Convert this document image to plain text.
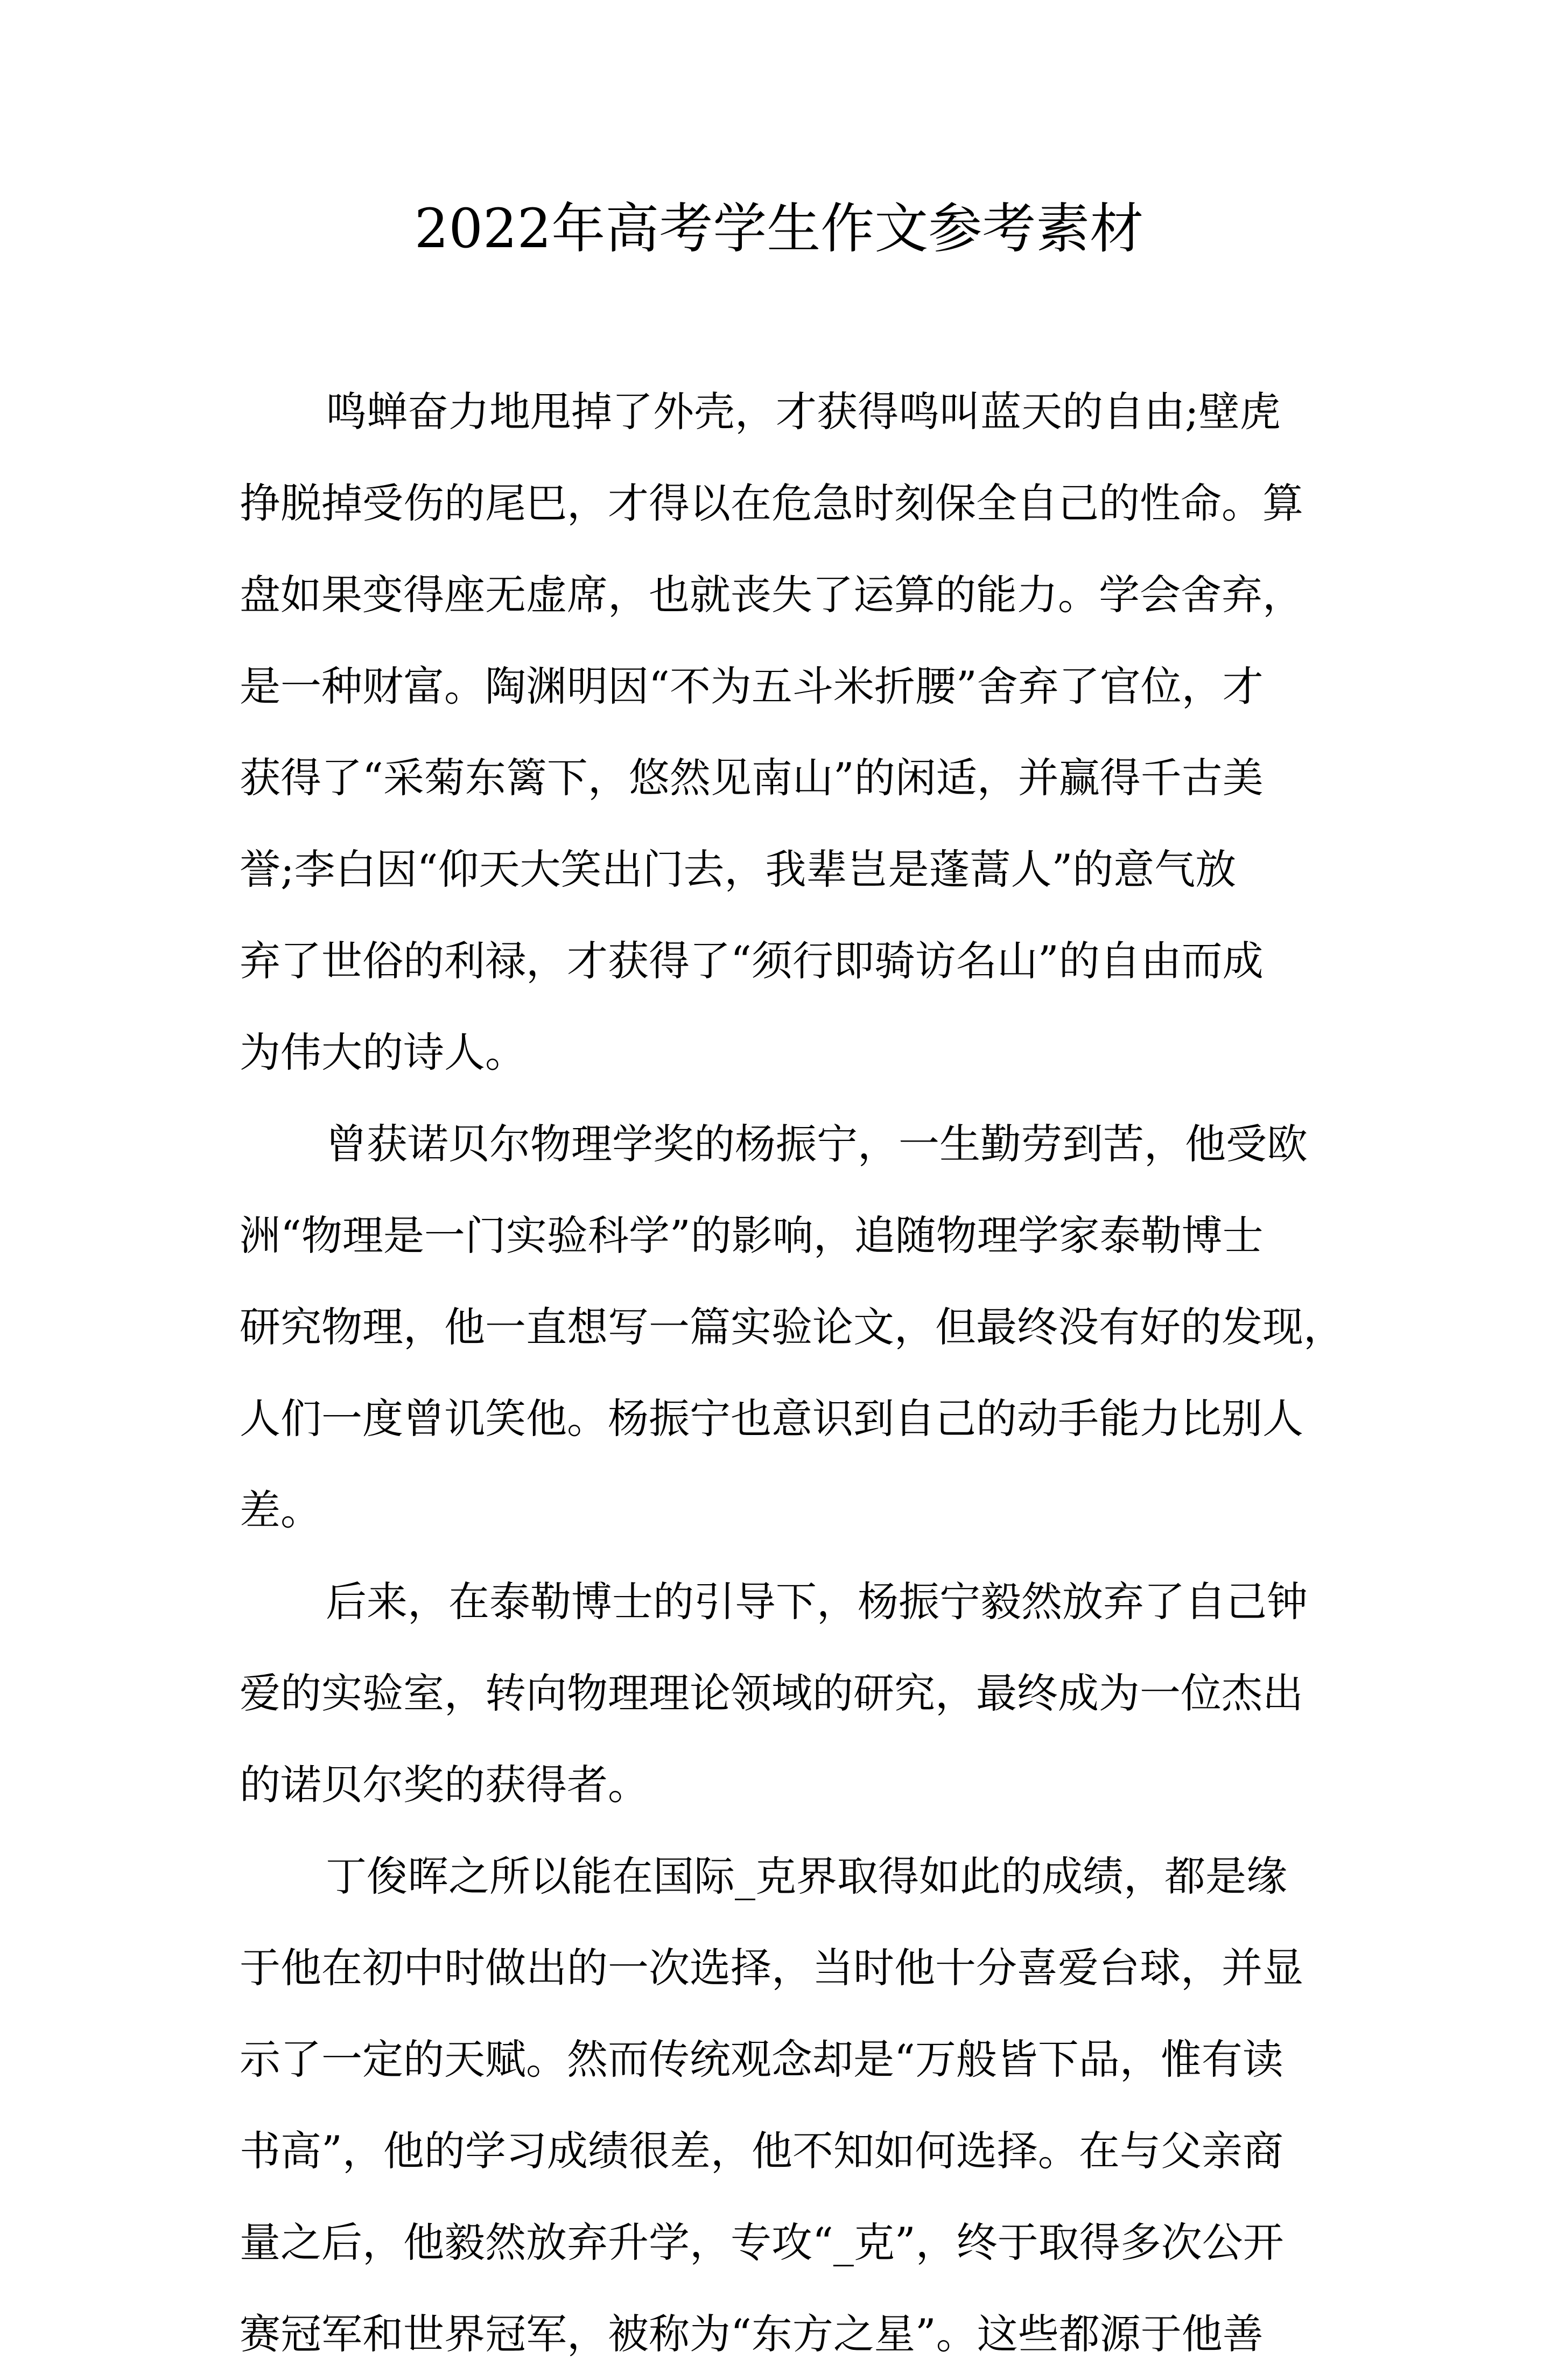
2022年高考学生作文参考素材
鸣蝉奋力地甩掉了外壳，才获得鸣叫蓝天的自由;壁虎
挣脱掉受伤的尾巴，才得以在危急时刻保全自己的性命。算
盘如果变得座无虚席，也就丧失了运算的能力。学会舍弃，
是一种财富。陶渊明因“不为五斗米折腰”舍弃了官位，才
获得了“采菊东篱下，悠然见南山”的闲适，并赢得千古美
誉;李白因“仰天大笑出门去，我辈岂是蓬蒿人”的意气放
弃了世俗的利禄，才获得了“须行即骑访名山”的自由而成
为伟大的诗人。
曾获诺贝尔物理学奖的杨振宁，一生勤劳到苦，他受欧
洲“物理是一门实验科学”的影响，追随物理学家泰勒博士
研究物理，他一直想写一篇实验论文，但最终没有好的发现，
人们一度曾讥笑他。杨振宁也意识到自己的动手能力比别人
差。
后来，在泰勒博士的引导下，杨振宁毅然放弃了自己钟
爱的实验室，转向物理理论领域的研究，最终成为一位杰出
的诺贝尔奖的获得者。
丁俊晖之所以能在国际_克界取得如此的成绩，都是缘
于他在初中时做出的一次选择，当时他十分喜爱台球，并显
示了一定的天赋。然而传统观念却是“万般皆下品，惟有读
书高”，他的学习成绩很差，他不知如何选择。在与父亲商
量之后，他毅然放弃升学，专攻“_克”，终于取得多次公开
赛冠军和世界冠军，被称为“东方之星”。这些都源于他善
